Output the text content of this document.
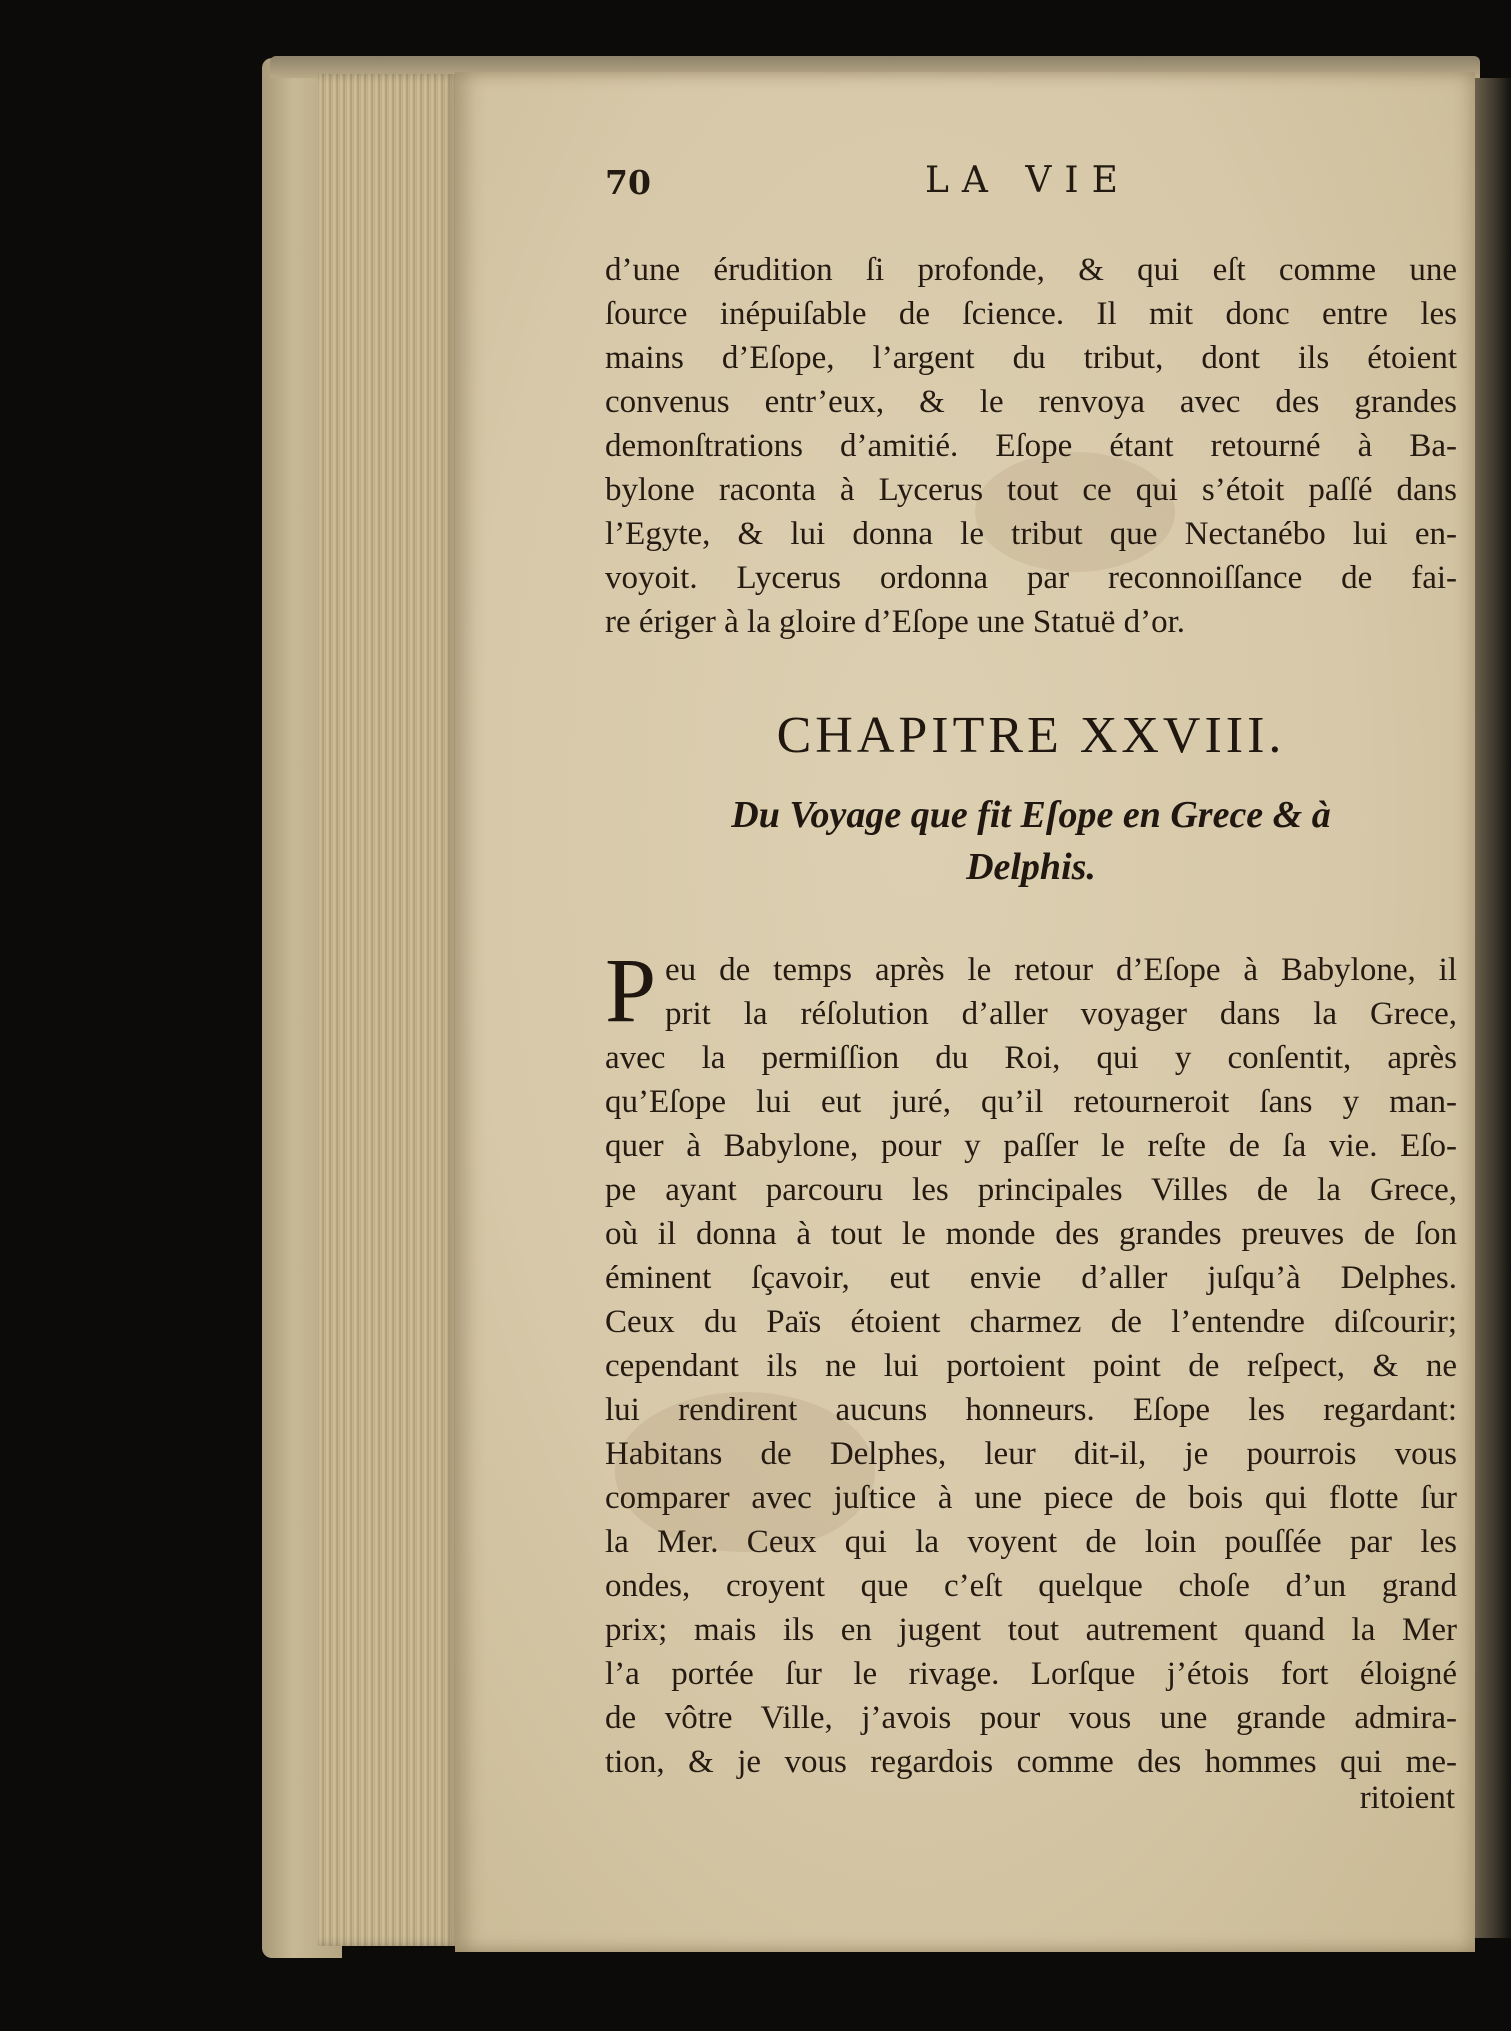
70	LA VIE
d’une érudition ſi profonde, & qui eſt comme une
ſource inépuiſable de ſcience. Il mit donc entre les
mains d’Eſope, l’argent du tribut, dont ils étoient
convenus entr’eux, & le renvoya avec des grandes
demonſtrations d’amitié. Eſope étant retourné à Ba-
bylone raconta à Lycerus tout ce qui s’étoit paſſé dans
l’Egyte, & lui donna le tribut que Nectanébo lui en-
voyoit. Lycerus ordonna par reconnoiſſance de fai-
re ériger à la gloire d’Eſope une Statuë d’or.
CHAPITRE XXVIII.
Du Voyage que fit Eſope en Grece & à
Delphis.
P eu de temps après le retour d’Eſope à Babylone, il
prit la réſolution d’aller voyager dans la Grece,
avec la permiſſion du Roi, qui y conſentit, après
qu’Eſope lui eut juré, qu’il retourneroit ſans y man-
quer à Babylone, pour y paſſer le reſte de ſa vie. Eſo-
pe ayant parcouru les principales Villes de la Grece,
où il donna à tout le monde des grandes preuves de ſon
éminent ſçavoir, eut envie d’aller juſqu’à Delphes.
Ceux du Païs étoient charmez de l’entendre diſcourir;
cependant ils ne lui portoient point de reſpect, & ne
lui rendirent aucuns honneurs. Eſope les regardant:
Habitans de Delphes, leur dit-il, je pourrois vous
comparer avec juſtice à une piece de bois qui flotte ſur
la Mer. Ceux qui la voyent de loin pouſſée par les
ondes, croyent que c’eſt quelque choſe d’un grand
prix; mais ils en jugent tout autrement quand la Mer
l’a portée ſur le rivage. Lorſque j’étois fort éloigné
de vôtre Ville, j’avois pour vous une grande admira-
tion, & je vous regardois comme des hommes qui me-
ritoient
